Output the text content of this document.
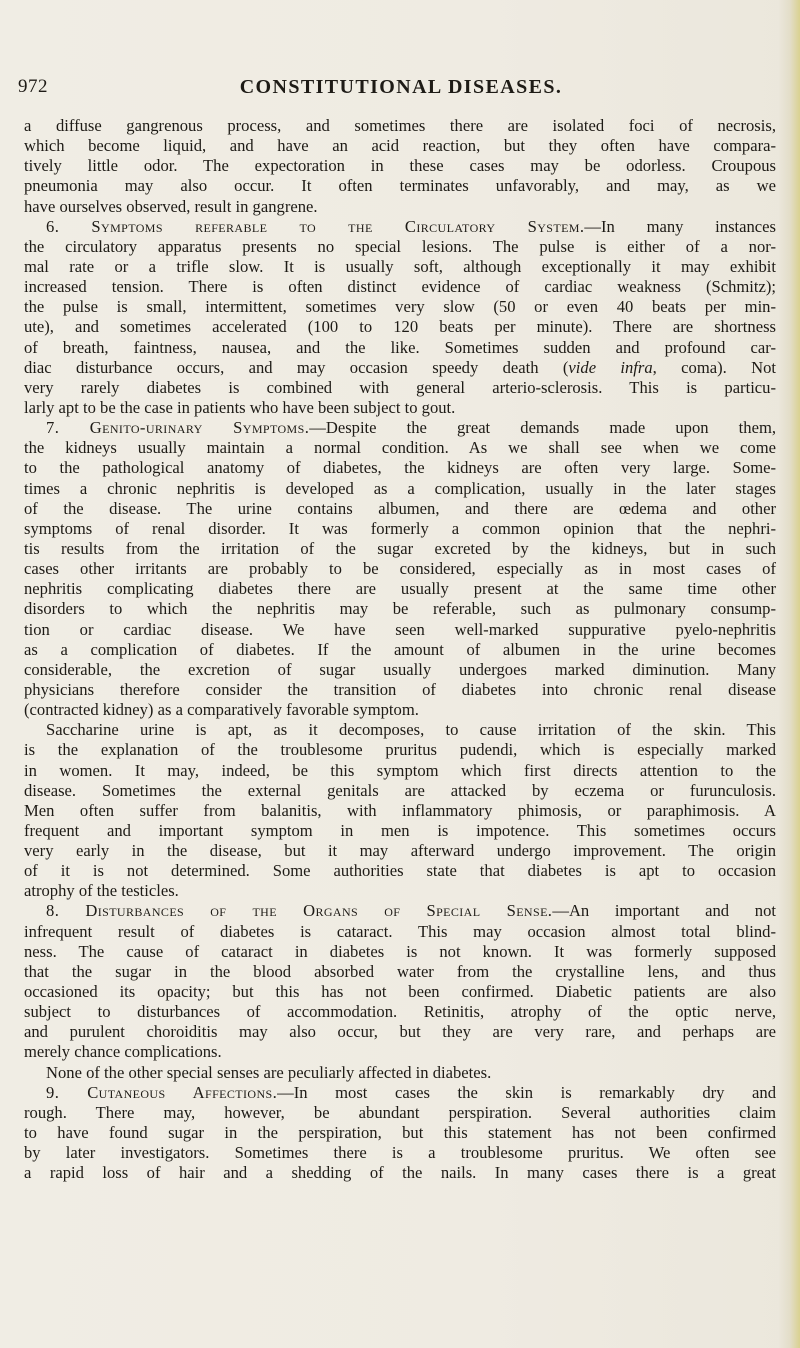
972	CONSTITUTIONAL DISEASES.
a diffuse gangrenous process, and sometimes there are isolated foci of necrosis,
which become liquid, and have an acid reaction, but they often have compara-
tively little odor. The expectoration in these cases may be odorless. Croupous
pneumonia may also occur. It often terminates unfavorably, and may, as we
have ourselves observed, result in gangrene.
6. Symptoms referable to the Circulatory System.—In many instances
the circulatory apparatus presents no special lesions. The pulse is either of a nor-
mal rate or a trifle slow. It is usually soft, although exceptionally it may exhibit
increased tension. There is often distinct evidence of cardiac weakness (Schmitz);
the pulse is small, intermittent, sometimes very slow (50 or even 40 beats per min-
ute), and sometimes accelerated (100 to 120 beats per minute). There are shortness
of breath, faintness, nausea, and the like. Sometimes sudden and profound car-
diac disturbance occurs, and may occasion speedy death (vide infra, coma). Not
very rarely diabetes is combined with general arterio-sclerosis. This is particu-
larly apt to be the case in patients who have been subject to gout.
7. Genito-urinary Symptoms.—Despite the great demands made upon them,
the kidneys usually maintain a normal condition. As we shall see when we come
to the pathological anatomy of diabetes, the kidneys are often very large. Some-
times a chronic nephritis is developed as a complication, usually in the later stages
of the disease. The urine contains albumen, and there are œdema and other
symptoms of renal disorder. It was formerly a common opinion that the nephri-
tis results from the irritation of the sugar excreted by the kidneys, but in such
cases other irritants are probably to be considered, especially as in most cases of
nephritis complicating diabetes there are usually present at the same time other
disorders to which the nephritis may be referable, such as pulmonary consump-
tion or cardiac disease. We have seen well-marked suppurative pyelo-nephritis
as a complication of diabetes. If the amount of albumen in the urine becomes
considerable, the excretion of sugar usually undergoes marked diminution. Many
physicians therefore consider the transition of diabetes into chronic renal disease
(contracted kidney) as a comparatively favorable symptom.
Saccharine urine is apt, as it decomposes, to cause irritation of the skin. This
is the explanation of the troublesome pruritus pudendi, which is especially marked
in women. It may, indeed, be this symptom which first directs attention to the
disease. Sometimes the external genitals are attacked by eczema or furunculosis.
Men often suffer from balanitis, with inflammatory phimosis, or paraphimosis. A
frequent and important symptom in men is impotence. This sometimes occurs
very early in the disease, but it may afterward undergo improvement. The origin
of it is not determined. Some authorities state that diabetes is apt to occasion
atrophy of the testicles.
8. Disturbances of the Organs of Special Sense.—An important and not
infrequent result of diabetes is cataract. This may occasion almost total blind-
ness. The cause of cataract in diabetes is not known. It was formerly supposed
that the sugar in the blood absorbed water from the crystalline lens, and thus
occasioned its opacity; but this has not been confirmed. Diabetic patients are also
subject to disturbances of accommodation. Retinitis, atrophy of the optic nerve,
and purulent choroiditis may also occur, but they are very rare, and perhaps are
merely chance complications.
None of the other special senses are peculiarly affected in diabetes.
9. Cutaneous Affections.—In most cases the skin is remarkably dry and
rough. There may, however, be abundant perspiration. Several authorities claim
to have found sugar in the perspiration, but this statement has not been confirmed
by later investigators. Sometimes there is a troublesome pruritus. We often see
a rapid loss of hair and a shedding of the nails. In many cases there is a great
